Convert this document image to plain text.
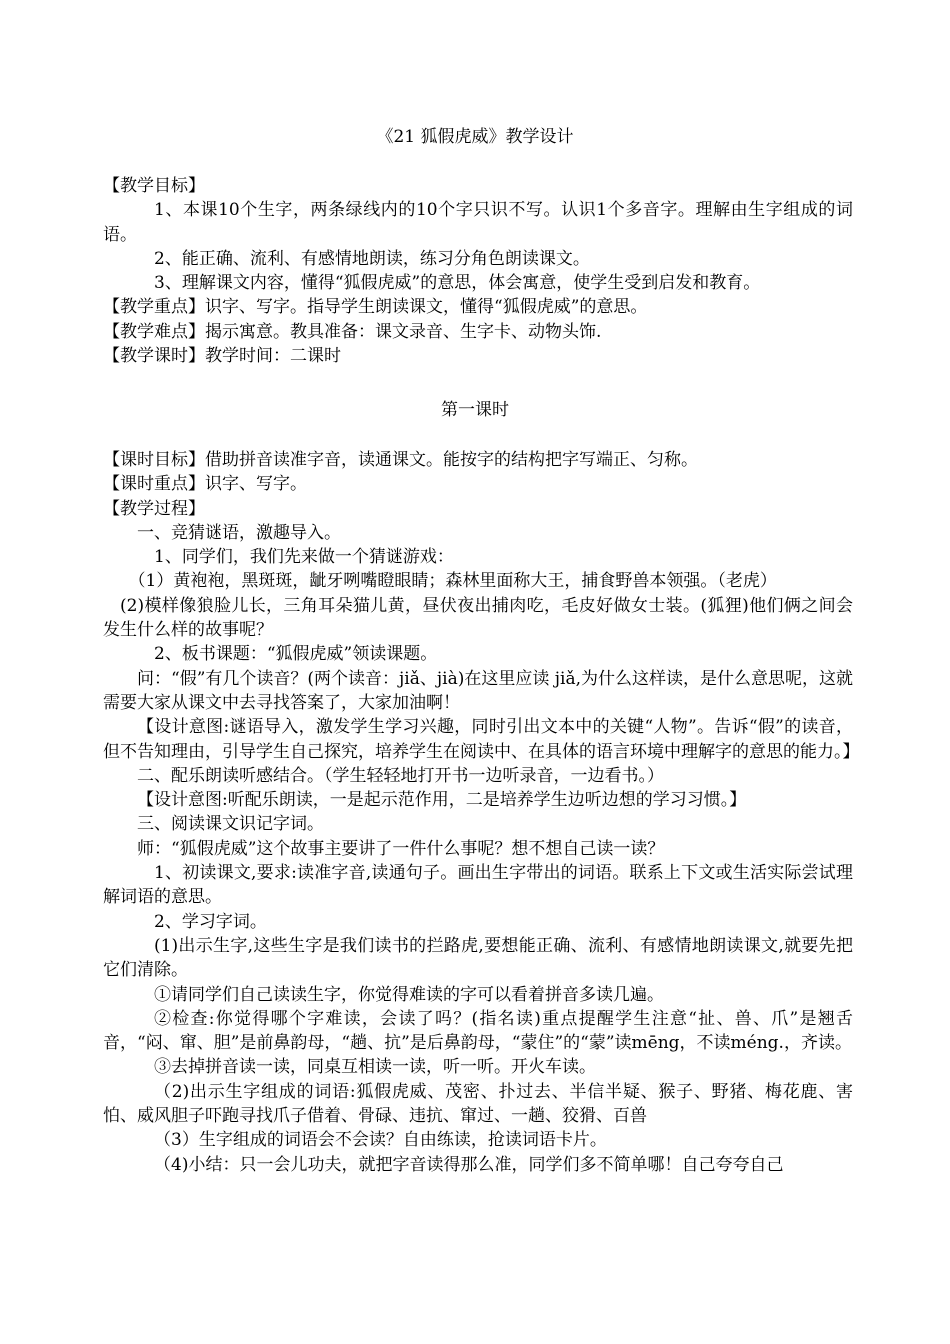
《21 狐假虎威》教学设计

【教学目标】

1、本课10个生字，两条绿线内的10个字只识不写。认识1个多音字。理解由生字组成的词语。

2、能正确、流利、有感情地朗读，练习分角色朗读课文。

3、理解课文内容，懂得“狐假虎威”的意思，体会寓意，使学生受到启发和教育。

【教学重点】识字、写字。指导学生朗读课文，懂得“狐假虎威”的意思。

【教学难点】揭示寓意。教具准备：课文录音、生字卡、动物头饰.

【教学课时】教学时间：二课时

第一课时

【课时目标】借助拼音读准字音，读通课文。能按字的结构把字写端正、匀称。

【课时重点】识字、写字。

【教学过程】

一、竞猜谜语，激趣导入。

1、同学们，我们先来做一个猜谜游戏：

（1）黄袍袍，黑斑斑，龇牙咧嘴瞪眼睛；森林里面称大王，捕食野兽本领强。（老虎）

(2)模样像狼脸儿长，三角耳朵猫儿黄，昼伏夜出捕肉吃，毛皮好做女士装。(狐狸)他们俩之间会发生什么样的故事呢？

2、板书课题：“狐假虎威”领读课题。

问：“假”有几个读音？(两个读音：jiǎ、jià)在这里应读 jiǎ,为什么这样读，是什么意思呢，这就需要大家从课文中去寻找答案了，大家加油啊！

【设计意图:谜语导入，激发学生学习兴趣，同时引出文本中的关键“人物”。告诉“假”的读音，但不告知理由，引导学生自己探究，培养学生在阅读中、在具体的语言环境中理解字的意思的能力。】

二、配乐朗读听感结合。（学生轻轻地打开书一边听录音，一边看书。）

【设计意图:听配乐朗读，一是起示范作用，二是培养学生边听边想的学习习惯。】

三、阅读课文识记字词。

师：“狐假虎威”这个故事主要讲了一件什么事呢？想不想自己读一读？

1、初读课文,要求:读准字音,读通句子。画出生字带出的词语。联系上下文或生活实际尝试理解词语的意思。

2、学习字词。

(1)出示生字,这些生字是我们读书的拦路虎,要想能正确、流利、有感情地朗读课文,就要先把它们清除。

①请同学们自己读读生字，你觉得难读的字可以看着拼音多读几遍。

②检查:你觉得哪个字难读，会读了吗？(指名读)重点提醒学生注意“扯、兽、爪”是翘舌音，“闷、窜、胆”是前鼻韵母，“趟、抗”是后鼻韵母，“蒙住”的“蒙”读mēng，不读méng.，齐读。

③去掉拼音读一读，同桌互相读一读，听一听。开火车读。

（2)出示生字组成的词语:狐假虎威、茂密、扑过去、半信半疑、猴子、野猪、梅花鹿、害怕、威风胆子吓跑寻找爪子借着、骨碌、违抗、窜过、一趟、狡猾、百兽

（3）生字组成的词语会不会读？自由练读，抢读词语卡片。

（4)小结：只一会儿功夫，就把字音读得那么准，同学们多不简单哪！自己夸夸自己
